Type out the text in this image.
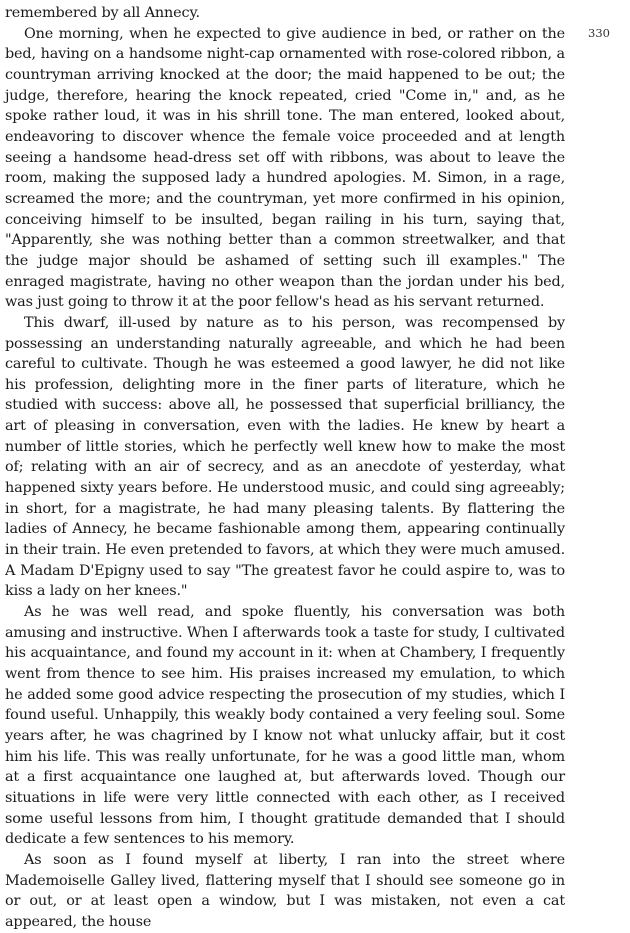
remembered by all Annecy.

One morning, when he expected to give audience in bed, or rather on the bed, having on a handsome night-cap ornamented with rose-colored ribbon, a countryman arriving knocked at the door; the maid happened to be out; the judge, therefore, hearing the knock repeated, cried "Come in," and, as he spoke rather loud, it was in his shrill tone. The man entered, looked about, endeavoring to discover whence the female voice proceeded and at length seeing a handsome head-dress set off with ribbons, was about to leave the room, making the supposed lady a hundred apologies. M. Simon, in a rage, screamed the more; and the countryman, yet more confirmed in his opinion, conceiving himself to be insulted, began railing in his turn, saying that, "Apparently, she was nothing better than a common streetwalker, and that the judge major should be ashamed of setting such ill examples." The enraged magistrate, having no other weapon than the jordan under his bed, was just going to throw it at the poor fellow's head as his servant returned.

This dwarf, ill-used by nature as to his person, was recompensed by possessing an understanding naturally agreeable, and which he had been careful to cultivate. Though he was esteemed a good lawyer, he did not like his profession, delighting more in the finer parts of literature, which he studied with success: above all, he possessed that superficial brilliancy, the art of pleasing in conversation, even with the ladies. He knew by heart a number of little stories, which he perfectly well knew how to make the most of; relating with an air of secrecy, and as an anecdote of yesterday, what happened sixty years before. He understood music, and could sing agreeably; in short, for a magistrate, he had many pleasing talents. By flattering the ladies of Annecy, he became fashionable among them, appearing continually in their train. He even pretended to favors, at which they were much amused. A Madam D'Epigny used to say "The greatest favor he could aspire to, was to kiss a lady on her knees."

As he was well read, and spoke fluently, his conversation was both amusing and instructive. When I afterwards took a taste for study, I cultivated his acquaintance, and found my account in it: when at Chambery, I frequently went from thence to see him. His praises increased my emulation, to which he added some good advice respecting the prosecution of my studies, which I found useful. Unhappily, this weakly body contained a very feeling soul. Some years after, he was chagrined by I know not what unlucky affair, but it cost him his life. This was really unfortunate, for he was a good little man, whom at a first acquaintance one laughed at, but afterwards loved. Though our situations in life were very little connected with each other, as I received some useful lessons from him, I thought gratitude demanded that I should dedicate a few sentences to his memory.

As soon as I found myself at liberty, I ran into the street where Mademoiselle Galley lived, flattering myself that I should see someone go in or out, or at least open a window, but I was mistaken, not even a cat appeared, the house

330
